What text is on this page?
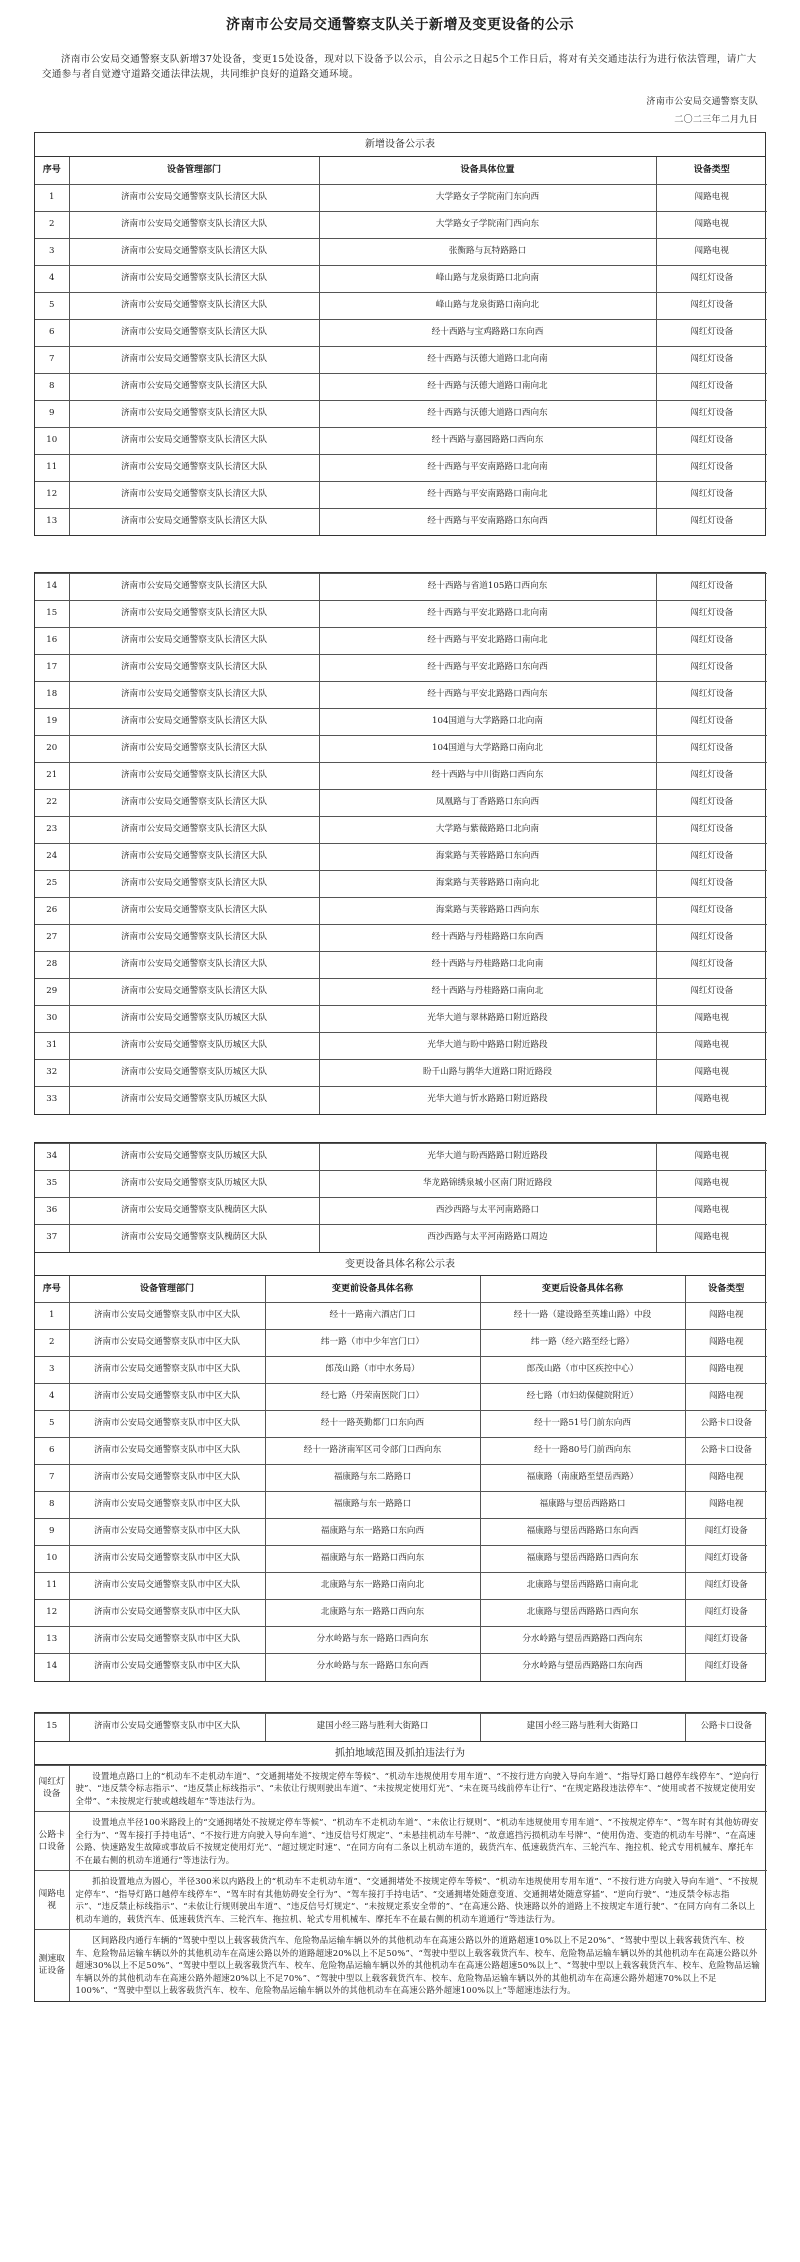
济南市公安局交通警察支队关于新增及变更设备的公示

济南市公安局交通警察支队新增37处设备，变更15处设备，现对以下设备予以公示，自公示之日起5个工作日后，将对有关交通违法行为进行依法管理，请广大交通参与者自觉遵守道路交通法律法规，共同维护良好的道路交通环境。

济南市公安局交通警察支队
二〇二三年二月九日
新增设备公示表
序号	设备管理部门	设备具体位置	设备类型
1	济南市公安局交通警察支队长清区大队	大学路女子学院南门东向西	闯路电视
2	济南市公安局交通警察支队长清区大队	大学路女子学院南门西向东	闯路电视
3	济南市公安局交通警察支队长清区大队	张衡路与瓦特路路口	闯路电视
4	济南市公安局交通警察支队长清区大队	峰山路与龙泉街路口北向南	闯红灯设备
5	济南市公安局交通警察支队长清区大队	峰山路与龙泉街路口南向北	闯红灯设备
6	济南市公安局交通警察支队长清区大队	经十西路与宝鸡路路口东向西	闯红灯设备
7	济南市公安局交通警察支队长清区大队	经十西路与沃德大道路口北向南	闯红灯设备
8	济南市公安局交通警察支队长清区大队	经十西路与沃德大道路口南向北	闯红灯设备
9	济南市公安局交通警察支队长清区大队	经十西路与沃德大道路口西向东	闯红灯设备
10	济南市公安局交通警察支队长清区大队	经十西路与嘉园路路口西向东	闯红灯设备
11	济南市公安局交通警察支队长清区大队	经十西路与平安南路路口北向南	闯红灯设备
12	济南市公安局交通警察支队长清区大队	经十西路与平安南路路口南向北	闯红灯设备
13	济南市公安局交通警察支队长清区大队	经十西路与平安南路路口东向西	闯红灯设备
14	济南市公安局交通警察支队长清区大队	经十西路与省道105路口西向东	闯红灯设备
15	济南市公安局交通警察支队长清区大队	经十西路与平安北路路口北向南	闯红灯设备
16	济南市公安局交通警察支队长清区大队	经十西路与平安北路路口南向北	闯红灯设备
17	济南市公安局交通警察支队长清区大队	经十西路与平安北路路口东向西	闯红灯设备
18	济南市公安局交通警察支队长清区大队	经十西路与平安北路路口西向东	闯红灯设备
19	济南市公安局交通警察支队长清区大队	104国道与大学路路口北向南	闯红灯设备
20	济南市公安局交通警察支队长清区大队	104国道与大学路路口南向北	闯红灯设备
21	济南市公安局交通警察支队长清区大队	经十西路与中川街路口西向东	闯红灯设备
22	济南市公安局交通警察支队长清区大队	凤凰路与丁香路路口东向西	闯红灯设备
23	济南市公安局交通警察支队长清区大队	大学路与紫薇路路口北向南	闯红灯设备
24	济南市公安局交通警察支队长清区大队	海棠路与芙蓉路路口东向西	闯红灯设备
25	济南市公安局交通警察支队长清区大队	海棠路与芙蓉路路口南向北	闯红灯设备
26	济南市公安局交通警察支队长清区大队	海棠路与芙蓉路路口西向东	闯红灯设备
27	济南市公安局交通警察支队长清区大队	经十西路与丹桂路路口东向西	闯红灯设备
28	济南市公安局交通警察支队长清区大队	经十西路与丹桂路路口北向南	闯红灯设备
29	济南市公安局交通警察支队长清区大队	经十西路与丹桂路路口南向北	闯红灯设备
30	济南市公安局交通警察支队历城区大队	光华大道与翠林路路口附近路段	闯路电视
31	济南市公安局交通警察支队历城区大队	光华大道与盼中路路口附近路段	闯路电视
32	济南市公安局交通警察支队历城区大队	盼千山路与鹊华大道路口附近路段	闯路电视
33	济南市公安局交通警察支队历城区大队	光华大道与忻水路路口附近路段	闯路电视
34	济南市公安局交通警察支队历城区大队	光华大道与盼西路路口附近路段	闯路电视
35	济南市公安局交通警察支队历城区大队	华龙路锦绣泉城小区南门附近路段	闯路电视
36	济南市公安局交通警察支队槐荫区大队	西沙西路与太平河南路路口	闯路电视
37	济南市公安局交通警察支队槐荫区大队	西沙西路与太平河南路路口周边	闯路电视
变更设备具体名称公示表
序号	设备管理部门	变更前设备具体名称	变更后设备具体名称	设备类型
1	济南市公安局交通警察支队市中区大队	经十一路南六酒店门口	经十一路（建设路至英雄山路）中段	闯路电视
2	济南市公安局交通警察支队市中区大队	纬一路（市中少年宫门口）	纬一路（经六路至经七路）	闯路电视
3	济南市公安局交通警察支队市中区大队	郎茂山路（市中水务局）	郎茂山路（市中区疾控中心）	闯路电视
4	济南市公安局交通警察支队市中区大队	经七路（丹荣南医院门口）	经七路（市妇幼保健院附近）	闯路电视
5	济南市公安局交通警察支队市中区大队	经十一路英勤都门口东向西	经十一路51号门前东向西	公路卡口设备
6	济南市公安局交通警察支队市中区大队	经十一路济南军区司令部门口西向东	经十一路80号门前西向东	公路卡口设备
7	济南市公安局交通警察支队市中区大队	福康路与东二路路口	福康路（南康路至望岳西路）	闯路电视
8	济南市公安局交通警察支队市中区大队	福康路与东一路路口	福康路与望岳西路路口	闯路电视
9	济南市公安局交通警察支队市中区大队	福康路与东一路路口东向西	福康路与望岳西路路口东向西	闯红灯设备
10	济南市公安局交通警察支队市中区大队	福康路与东一路路口西向东	福康路与望岳西路路口西向东	闯红灯设备
11	济南市公安局交通警察支队市中区大队	北康路与东一路路口南向北	北康路与望岳西路路口南向北	闯红灯设备
12	济南市公安局交通警察支队市中区大队	北康路与东一路路口西向东	北康路与望岳西路路口西向东	闯红灯设备
13	济南市公安局交通警察支队市中区大队	分水岭路与东一路路口西向东	分水岭路与望岳西路路口西向东	闯红灯设备
14	济南市公安局交通警察支队市中区大队	分水岭路与东一路路口东向西	分水岭路与望岳西路路口东向西	闯红灯设备
15	济南市公安局交通警察支队市中区大队	建国小经三路与胜利大街路口	建国小经三路与胜利大街路口	公路卡口设备
抓拍地域范围及抓拍违法行为
闯红灯设备	设置地点路口上的“机动车不走机动车道”、“交通拥堵处不按规定停车等候”、“机动车违规使用专用车道”、“不按行进方向驶入导向车道”、“指导灯路口越停车线停车”、“逆向行驶”、“违反禁令标志指示”、“违反禁止标线指示”、“未依让行规则驶出车道”、“未按规定使用灯光”、“未在斑马线前停车让行”、“在规定路段违法停车”、“使用或者不按规定使用安全带”、“未按规定行驶或越线超车”等违法行为。
公路卡口设备	设置地点半径100米路段上的“交通拥堵处不按规定停车等候”、“机动车不走机动车道”、“未依让行规则”、“机动车违规使用专用车道”、“不按规定停车”、“驾车时有其他妨碍安全行为”、“驾车接打手持电话”、“不按行进方向驶入导向车道”、“违反信号灯规定”、“未悬挂机动车号牌”、“故意遮挡污损机动车号牌”、“使用伪造、变造的机动车号牌”、“在高速公路、快速路发生故障或事故后不按规定使用灯光”、“超过规定时速”、“在同方向有二条以上机动车道的，载货汽车、低速载货汽车、三轮汽车、拖拉机、轮式专用机械车、摩托车不在最右侧的机动车道通行”等违法行为。
闯路电视	抓拍设置地点为圆心，半径300米以内路段上的“机动车不走机动车道”、“交通拥堵处不按规定停车等候”、“机动车违规使用专用车道”、“不按行进方向驶入导向车道”、“不按规定停车”、“指导灯路口越停车线停车”、“驾车时有其他妨碍安全行为”、“驾车接打手持电话”、“交通拥堵处随意变道、交通拥堵处随意穿插”、“逆向行驶”、“违反禁令标志指示”、“违反禁止标线指示”、“未依让行规则驶出车道”、“违反信号灯规定”、“未按规定系安全带的”、“在高速公路、快速路以外的道路上不按规定车道行驶”、“在同方向有二条以上机动车道的，载货汽车、低速载货汽车、三轮汽车、拖拉机、轮式专用机械车、摩托车不在最右侧的机动车道通行”等违法行为。
测速取证设备	区间路段内通行车辆的“驾驶中型以上载客载货汽车、危险物品运输车辆以外的其他机动车在高速公路以外的道路超速10%以上不足20%”、“驾驶中型以上载客载货汽车、校车、危险物品运输车辆以外的其他机动车在高速公路以外的道路超速20%以上不足50%”、“驾驶中型以上载客载货汽车、校车、危险物品运输车辆以外的其他机动车在高速公路以外超速30%以上不足50%”、“驾驶中型以上载客载货汽车、校车、危险物品运输车辆以外的其他机动车在高速公路超速50%以上”、“驾驶中型以上载客载货汽车、校车、危险物品运输车辆以外的其他机动车在高速公路外超速20%以上不足70%”、“驾驶中型以上载客载货汽车、校车、危险物品运输车辆以外的其他机动车在高速公路外超速70%以上不足100%”、“驾驶中型以上载客载货汽车、校车、危险物品运输车辆以外的其他机动车在高速公路外超速100%以上”等超速违法行为。
